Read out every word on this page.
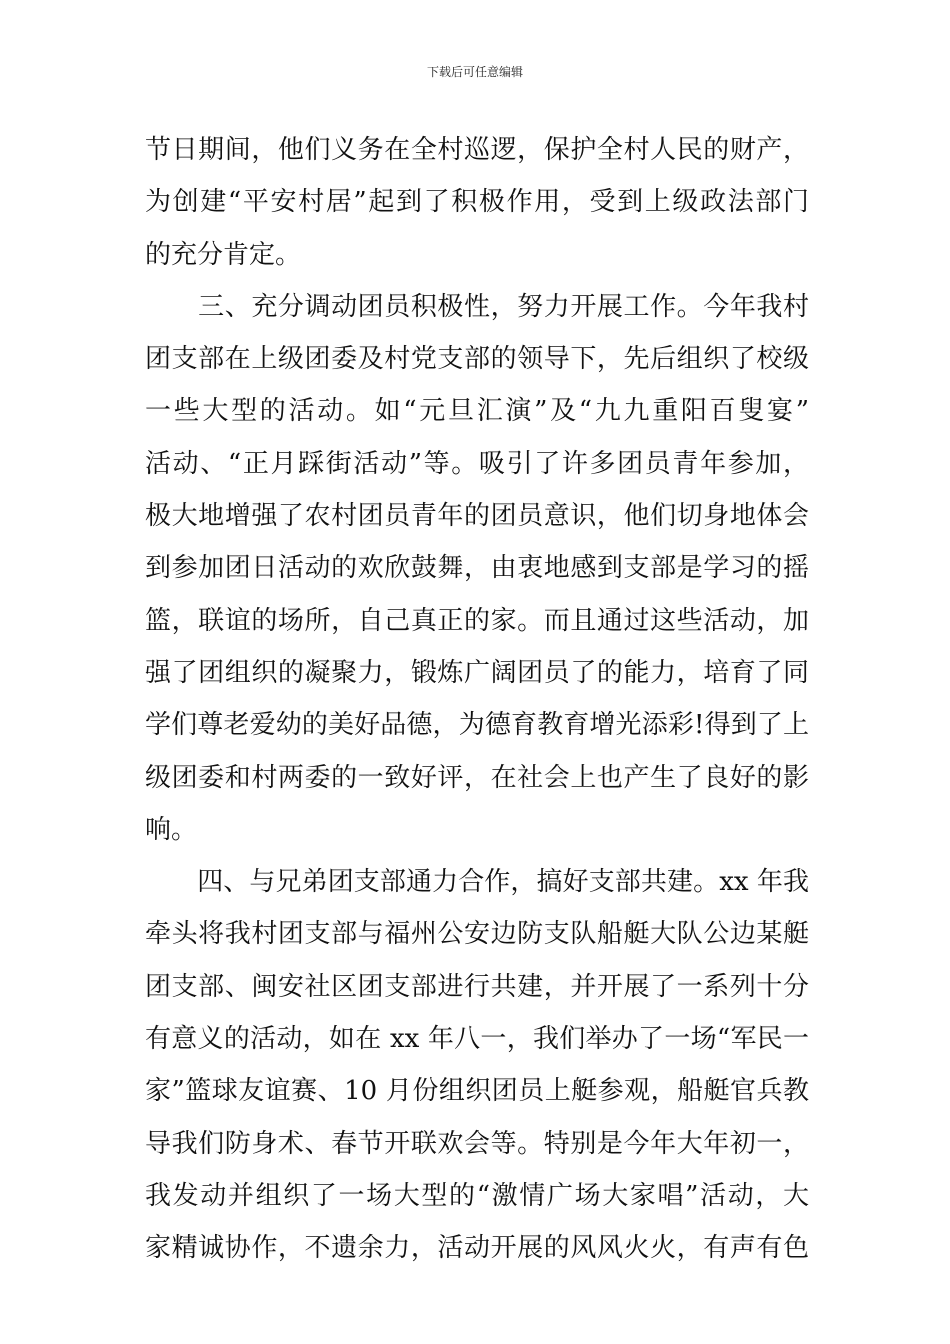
下载后可任意编辑
节日期间，他们义务在全村巡逻，保护全村人民的财产，
为创建“平安村居”起到了积极作用，受到上级政法部门
的充分肯定。
　　三、充分调动团员积极性，努力开展工作。今年我村
团支部在上级团委及村党支部的领导下，先后组织了校级
一些大型的活动。如“元旦汇演”及“九九重阳百叟宴”
活动、“正月踩街活动”等。吸引了许多团员青年参加，
极大地增强了农村团员青年的团员意识，他们切身地体会
到参加团日活动的欢欣鼓舞，由衷地感到支部是学习的摇
篮，联谊的场所，自己真正的家。而且通过这些活动，加
强了团组织的凝聚力，锻炼广阔团员了的能力，培育了同
学们尊老爱幼的美好品德，为德育教育增光添彩!得到了上
级团委和村两委的一致好评，在社会上也产生了良好的影
响。
　　四、与兄弟团支部通力合作，搞好支部共建。xx 年我
牵头将我村团支部与福州公安边防支队船艇大队公边某艇
团支部、闽安社区团支部进行共建，并开展了一系列十分
有意义的活动，如在 xx 年八一，我们举办了一场“军民一
家”篮球友谊赛、10 月份组织团员上艇参观，船艇官兵教
导我们防身术、春节开联欢会等。特别是今年大年初一，
我发动并组织了一场大型的“激情广场大家唱”活动，大
家精诚协作，不遗余力，活动开展的风风火火，有声有色
